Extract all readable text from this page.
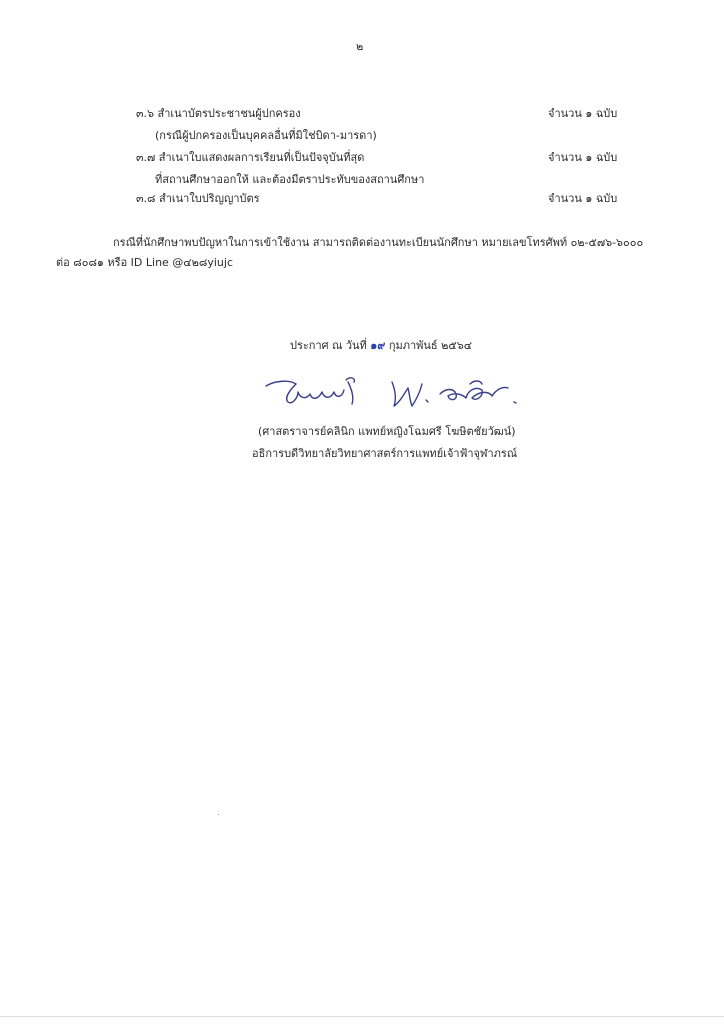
๒
๓.๖ สำเนาบัตรประชาชนผู้ปกครอง	จำนวน ๑ ฉบับ
(กรณีผู้ปกครองเป็นบุคคลอื่นที่มิใช่บิดา-มารดา)
๓.๗ สำเนาใบแสดงผลการเรียนที่เป็นปัจจุบันที่สุด	จำนวน ๑ ฉบับ
ที่สถานศึกษาออกให้ และต้องมีตราประทับของสถานศึกษา
๓.๘ สำเนาใบปริญญาบัตร	จำนวน ๑ ฉบับ
กรณีที่นักศึกษาพบปัญหาในการเข้าใช้งาน สามารถติดต่องานทะเบียนนักศึกษา หมายเลขโทรศัพท์ ๐๒-๕๗๖-๖๐๐๐
ต่อ ๘๐๘๑ หรือ ID Line @๔๒๘yiujc
ประกาศ ณ วันที่ ๑๙ กุมภาพันธ์ ๒๕๖๔
(ศาสตราจารย์คลินิก แพทย์หญิงโฉมศรี โฆษิตชัยวัฒน์)
อธิการบดีวิทยาลัยวิทยาศาสตร์การแพทย์เจ้าฟ้าจุฬาภรณ์
